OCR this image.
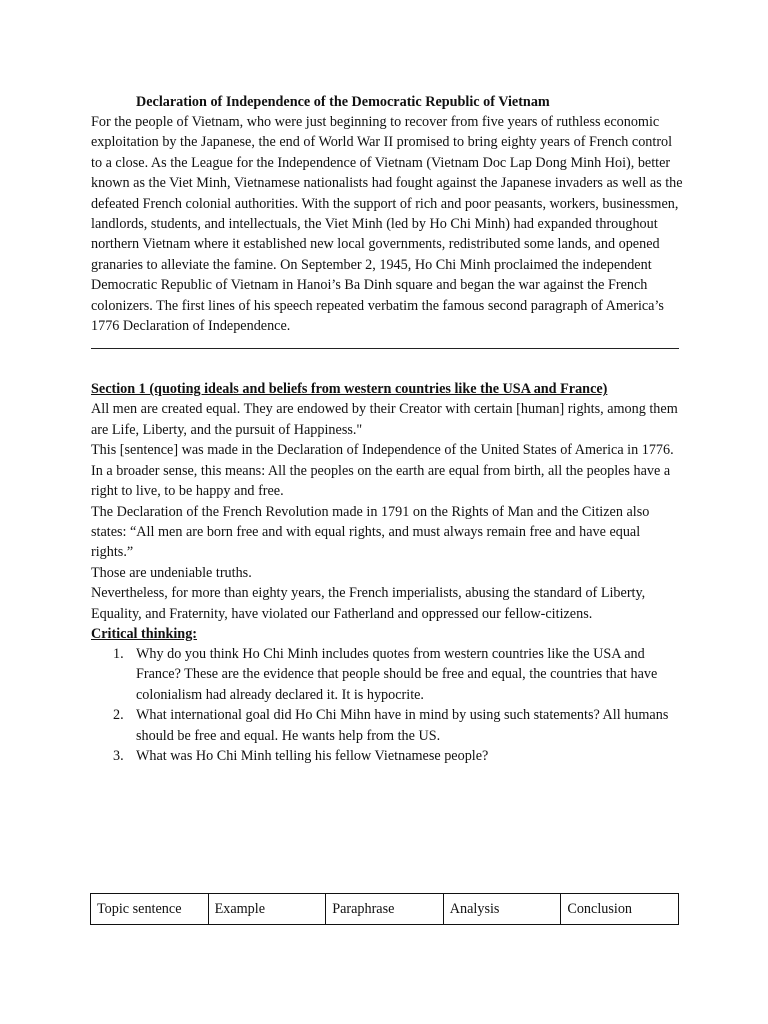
Declaration of Independence of the Democratic Republic of Vietnam

For the people of Vietnam, who were just beginning to recover from five years of ruthless economic exploitation by the Japanese, the end of World War II promised to bring eighty years of French control to a close. As the League for the Independence of Vietnam (Vietnam Doc Lap Dong Minh Hoi), better known as the Viet Minh, Vietnamese nationalists had fought against the Japanese invaders as well as the defeated French colonial authorities. With the support of rich and poor peasants, workers, businessmen, landlords, students, and intellectuals, the Viet Minh (led by Ho Chi Minh) had expanded throughout northern Vietnam where it established new local governments, redistributed some lands, and opened granaries to alleviate the famine. On September 2, 1945, Ho Chi Minh proclaimed the independent Democratic Republic of Vietnam in Hanoi’s Ba Dinh square and began the war against the French colonizers. The first lines of his speech repeated verbatim the famous second paragraph of America’s 1776 Declaration of Independence.

Section 1 (quoting ideals and beliefs from western countries like the USA and France)

All men are created equal. They are endowed by their Creator with certain [human] rights, among them are Life, Liberty, and the pursuit of Happiness."

This [sentence] was made in the Declaration of Independence of the United States of America in 1776. In a broader sense, this means: All the peoples on the earth are equal from birth, all the peoples have a right to live, to be happy and free.

The Declaration of the French Revolution made in 1791 on the Rights of Man and the Citizen also states: “All men are born free and with equal rights, and must always remain free and have equal rights.”

Those are undeniable truths.

Nevertheless, for more than eighty years, the French imperialists, abusing the standard of Liberty, Equality, and Fraternity, have violated our Fatherland and oppressed our fellow-citizens.

Critical thinking:
1. Why do you think Ho Chi Minh includes quotes from western countries like the USA and France? These are the evidence that people should be free and equal, the countries that have colonialism had already declared it. It is hypocrite.
2. What international goal did Ho Chi Mihn have in mind by using such statements? All humans should be free and equal. He wants help from the US.
3. What was Ho Chi Minh telling his fellow Vietnamese people?
Topic sentence	Example	Paraphrase	Analysis	Conclusion
